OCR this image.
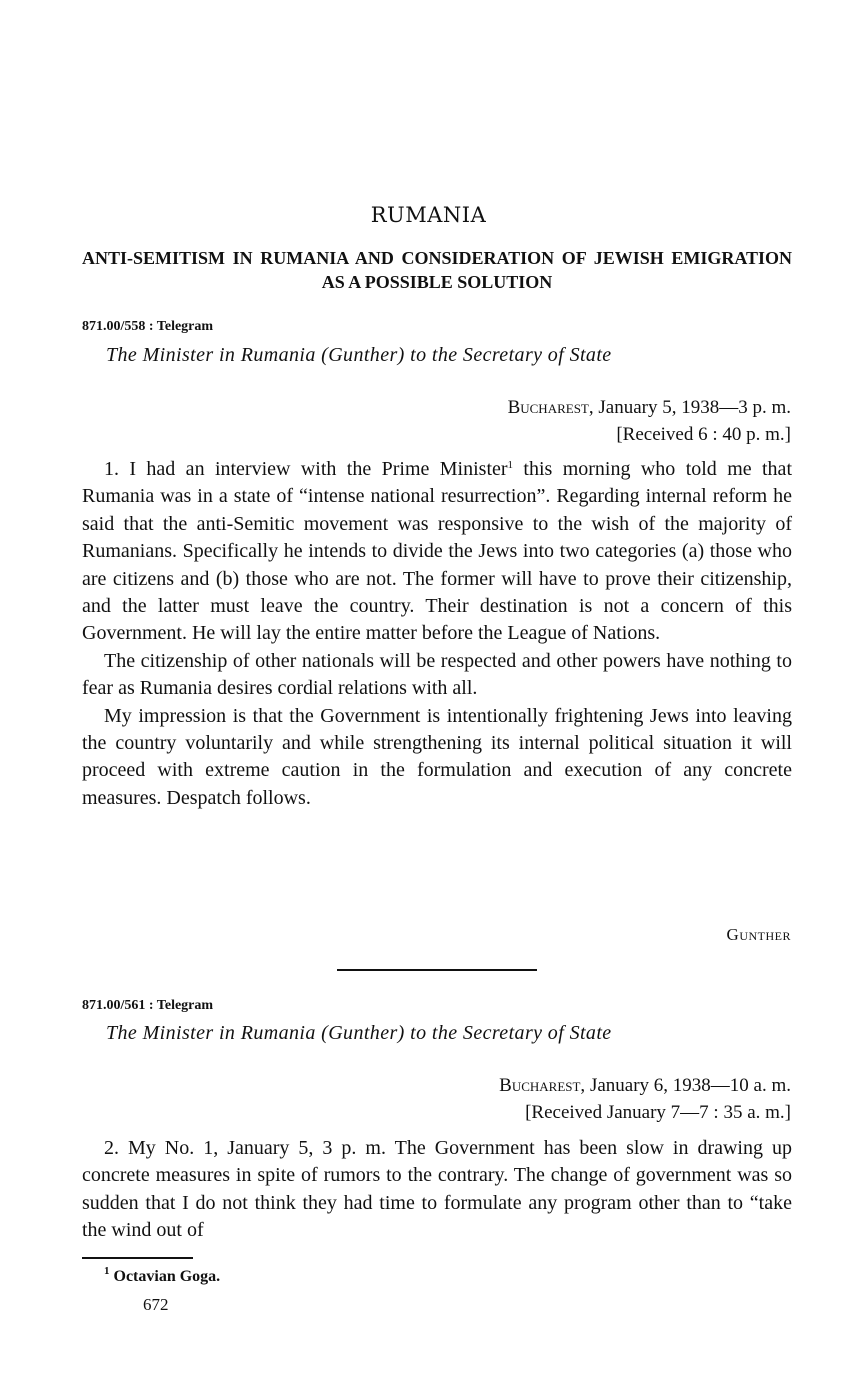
RUMANIA
ANTI-SEMITISM IN RUMANIA AND CONSIDERATION OF JEWISH EMIGRATION AS A POSSIBLE SOLUTION
871.00/558 : Telegram
The Minister in Rumania (Gunther) to the Secretary of State
Bucharest, January 5, 1938—3 p. m.
[Received 6 : 40 p. m.]

1. I had an interview with the Prime Minister$^1$ this morning who told me that Rumania was in a state of “intense national resurrection”. Regarding internal reform he said that the anti-Semitic movement was responsive to the wish of the majority of Rumanians. Specifically he intends to divide the Jews into two categories (a) those who are citizens and (b) those who are not. The former will have to prove their citizenship, and the latter must leave the country. Their destination is not a concern of this Government. He will lay the entire matter before the League of Nations.

The citizenship of other nationals will be respected and other powers have nothing to fear as Rumania desires cordial relations with all.

My impression is that the Government is intentionally frightening Jews into leaving the country voluntarily and while strengthening its internal political situation it will proceed with extreme caution in the formulation and execution of any concrete measures. Despatch follows.

Gunther
871.00/561 : Telegram
The Minister in Rumania (Gunther) to the Secretary of State
Bucharest, January 6, 1938—10 a. m.
[Received January 7—7 : 35 a. m.]

2. My No. 1, January 5, 3 p. m. The Government has been slow in drawing up concrete measures in spite of rumors to the contrary. The change of government was so sudden that I do not think they had time to formulate any program other than to “take the wind out of

$^1$ Octavian Goga.
672
